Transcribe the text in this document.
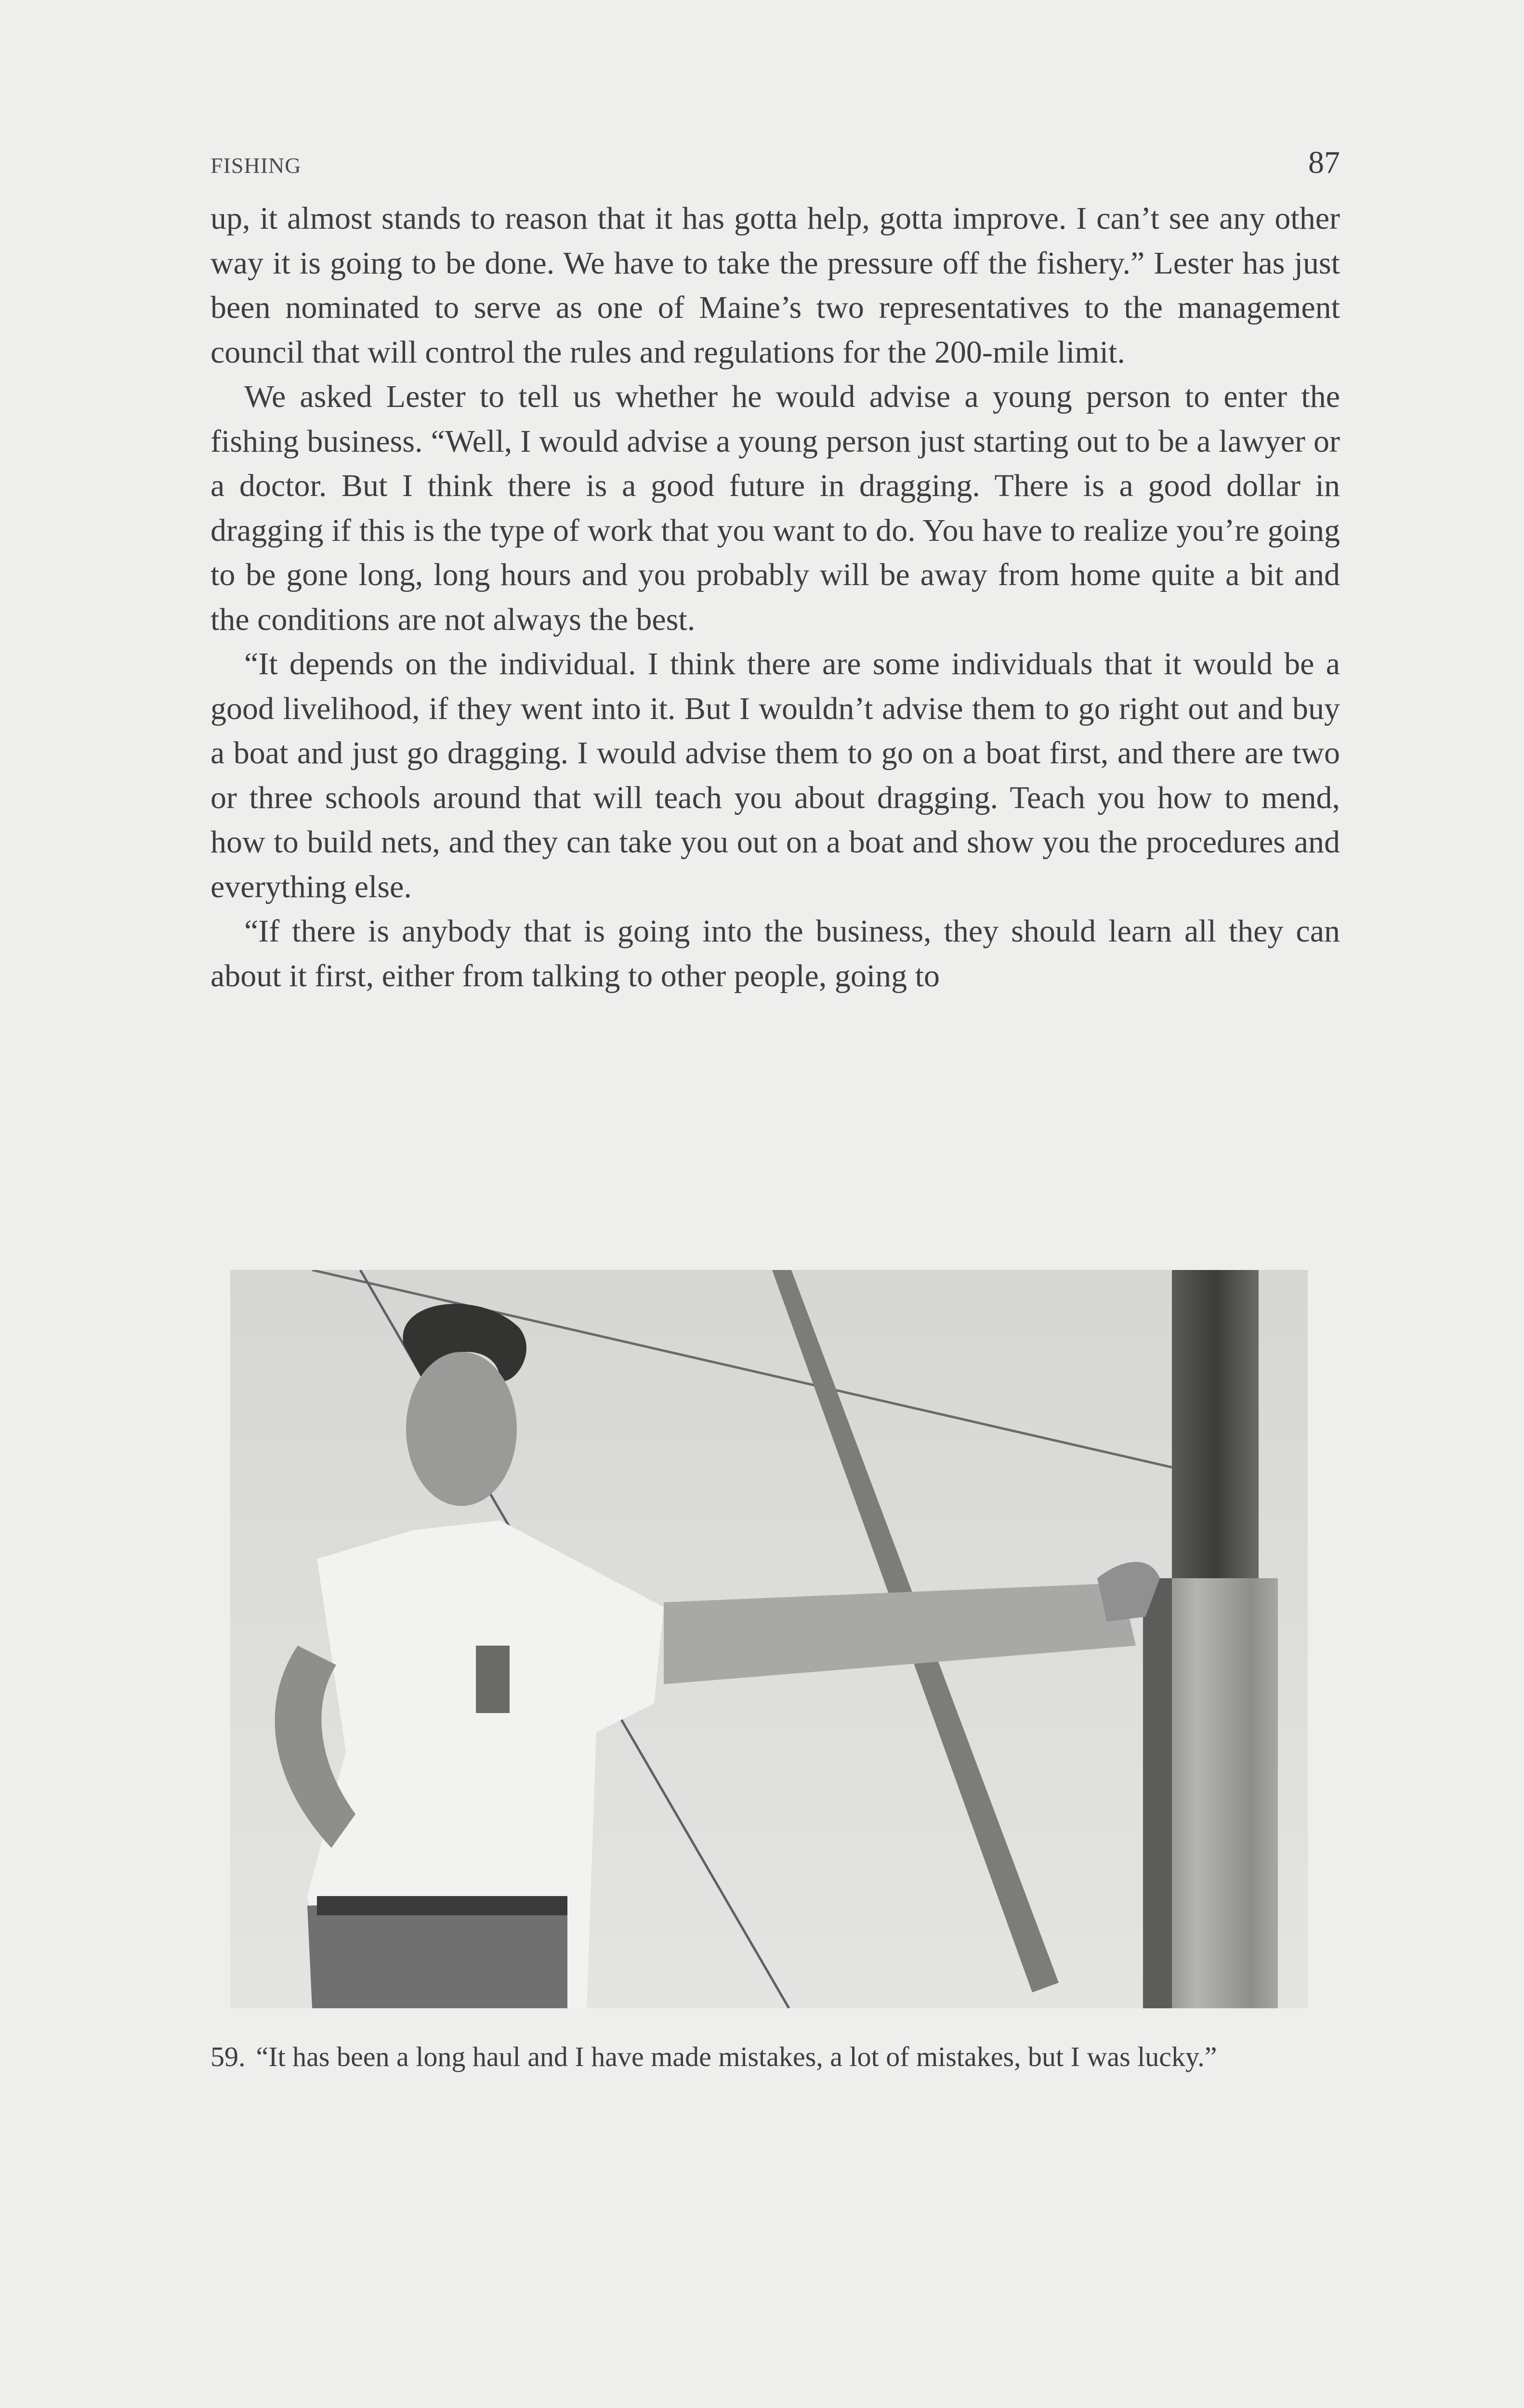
FISHING	87

up, it almost stands to reason that it has gotta help, gotta improve. I can’t see any other way it is going to be done. We have to take the pressure off the fishery.” Lester has just been nominated to serve as one of Maine’s two representatives to the management council that will control the rules and regulations for the 200-mile limit.

We asked Lester to tell us whether he would advise a young person to enter the fishing business. “Well, I would advise a young person just starting out to be a lawyer or a doctor. But I think there is a good future in dragging. There is a good dollar in dragging if this is the type of work that you want to do. You have to realize you’re going to be gone long, long hours and you probably will be away from home quite a bit and the conditions are not always the best.

“It depends on the individual. I think there are some individuals that it would be a good livelihood, if they went into it. But I wouldn’t advise them to go right out and buy a boat and just go dragging. I would advise them to go on a boat first, and there are two or three schools around that will teach you about dragging. Teach you how to mend, how to build nets, and they can take you out on a boat and show you the procedures and everything else.

“If there is anybody that is going into the business, they should learn all they can about it first, either from talking to other people, going to

59. “It has been a long haul and I have made mistakes, a lot of mistakes, but I was lucky.”
